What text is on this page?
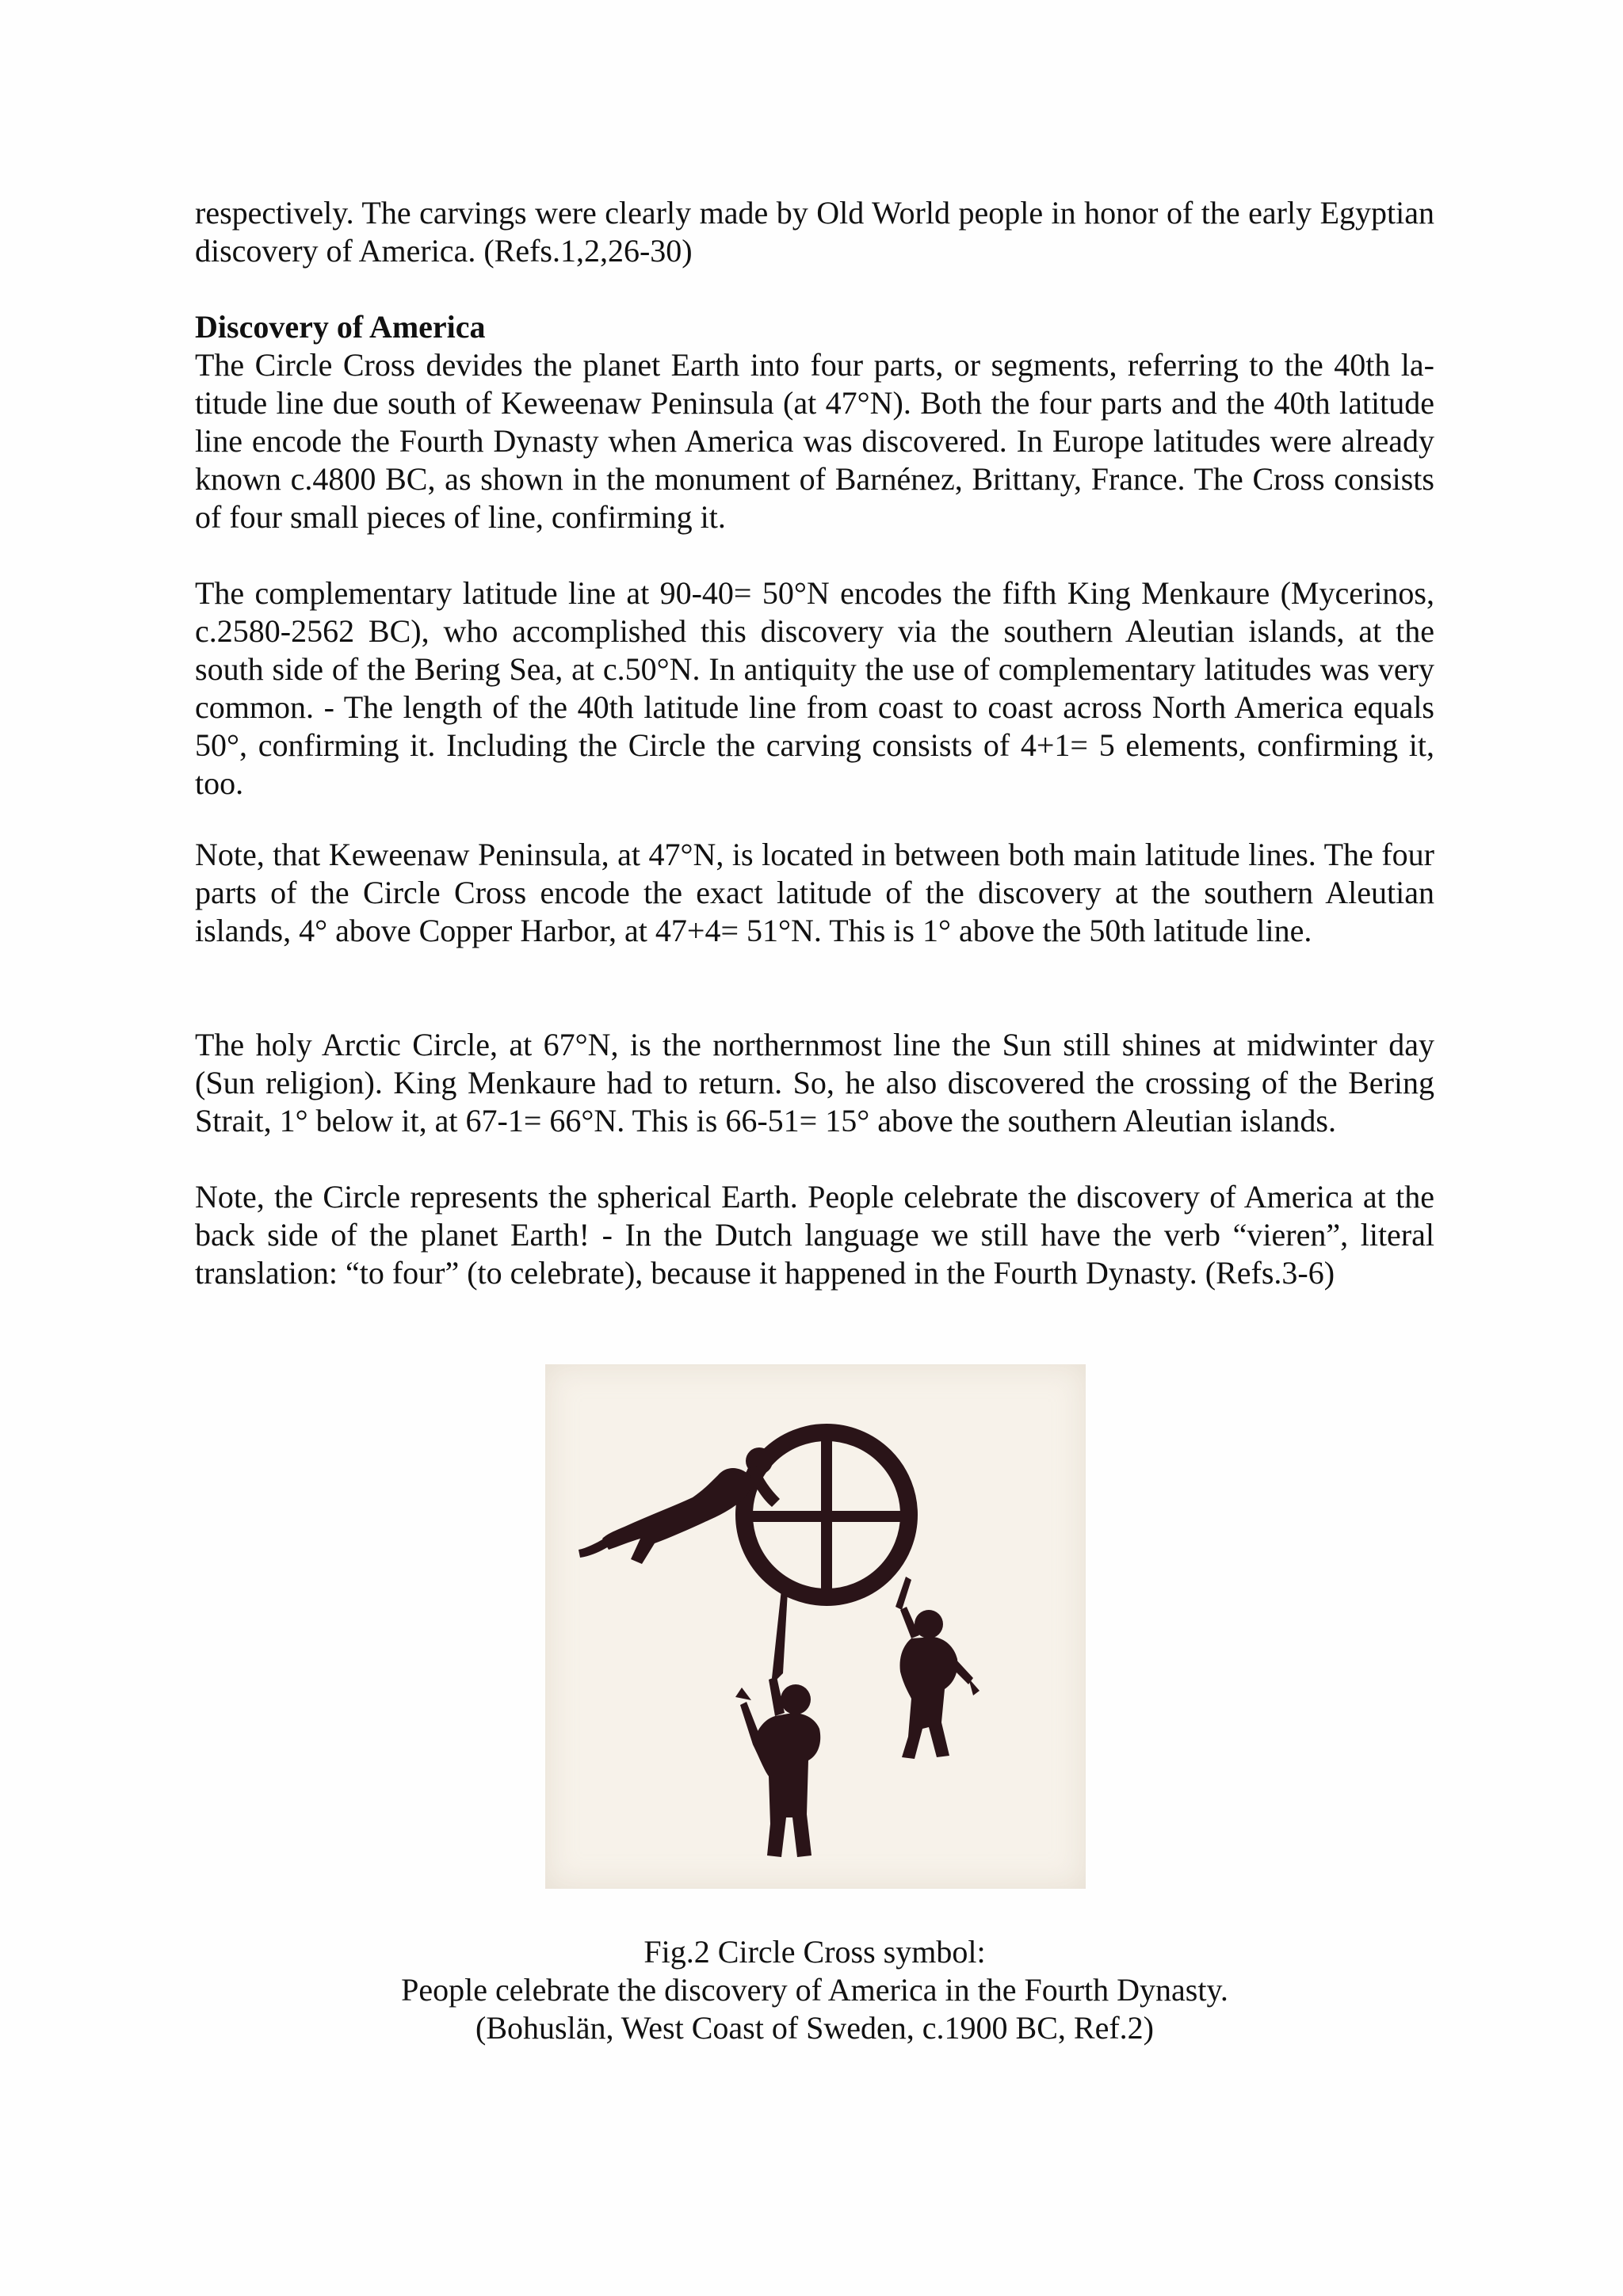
respectively. The carvings were clearly made by Old World people in honor of the early Egyptian discovery of America. (Refs.1,2,26-30)

Discovery of America

The Circle Cross devides the planet Earth into four parts, or segments, referring to the 40th latitude line due south of Keweenaw Peninsula (at 47°N). Both the four parts and the 40th latitude line encode the Fourth Dynasty when America was discovered. In Europe latitudes were already known c.4800 BC, as shown in the monument of Barnénez, Brittany, France. The Cross consists of four small pieces of line, confirming it.

The complementary latitude line at 90-40= 50°N encodes the fifth King Menkaure (Mycerinos, c.2580-2562 BC), who accomplished this discovery via the southern Aleutian islands, at the south side of the Bering Sea, at c.50°N. In antiquity the use of complementary latitudes was very common. - The length of the 40th latitude line from coast to coast across North America equals 50°, confirming it. Including the Circle the carving consists of 4+1= 5 elements, confirming it, too.

Note, that Keweenaw Peninsula, at 47°N, is located in between both main latitude lines. The four parts of the Circle Cross encode the exact latitude of the discovery at the southern Aleutian islands, 4° above Copper Harbor, at 47+4= 51°N. This is 1° above the 50th latitude line.

The holy Arctic Circle, at 67°N, is the northernmost line the Sun still shines at midwinter day (Sun religion). King Menkaure had to return. So, he also discovered the crossing of the Bering Strait, 1° below it, at 67-1= 66°N. This is 66-51= 15° above the southern Aleutian islands.

Note, the Circle represents the spherical Earth. People celebrate the discovery of America at the back side of the planet Earth! - In the Dutch language we still have the verb “vieren”, literal translation: “to four” (to celebrate), because it happened in the Fourth Dynasty. (Refs.3-6)

Fig.2 Circle Cross symbol:

People celebrate the discovery of America in the Fourth Dynasty.

(Bohuslän, West Coast of Sweden, c.1900 BC, Ref.2)
